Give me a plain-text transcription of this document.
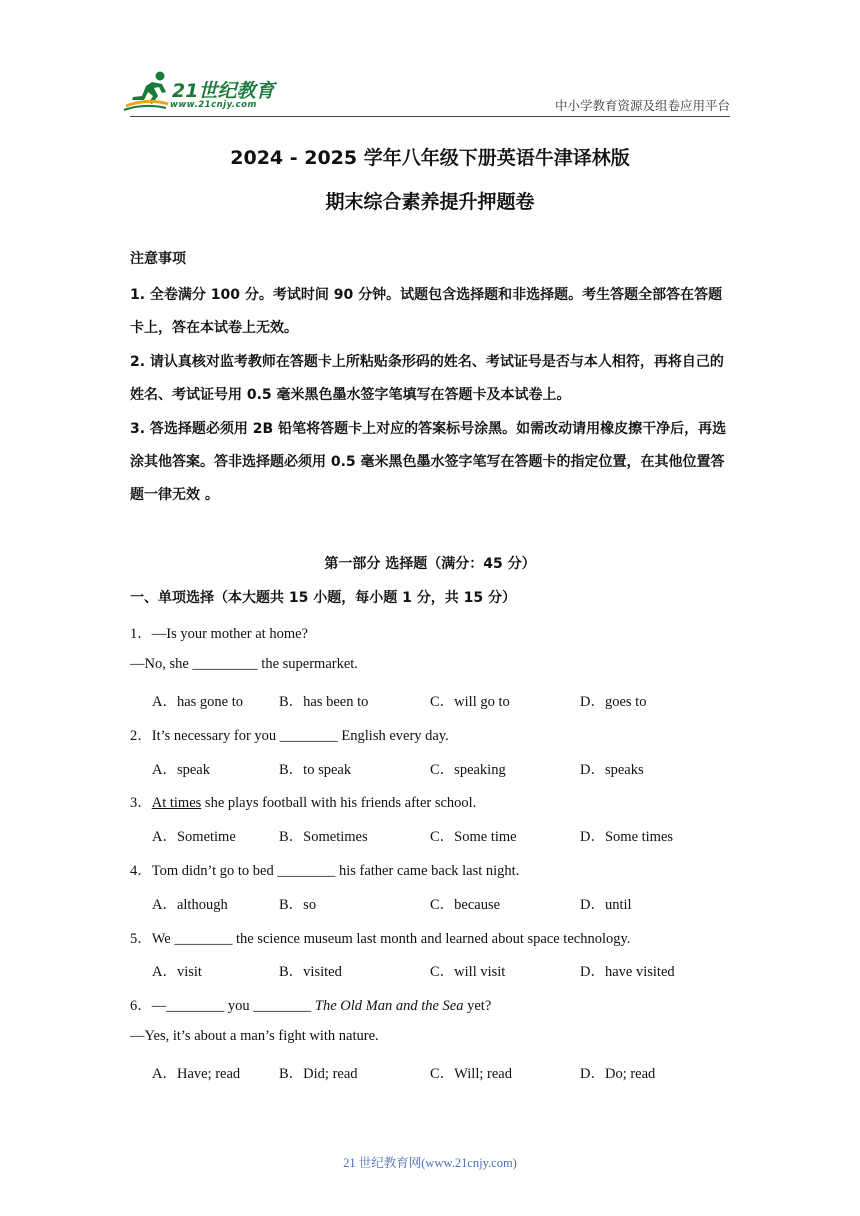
21世纪教育
www.21cnjy.com	中小学教育资源及组卷应用平台
2024 - 2025 学年八年级下册英语牛津译林版
期末综合素养提升押题卷
注意事项

1. 全卷满分 100 分。考试时间 90 分钟。试题包含选择题和非选择题。考生答题全部答在答题卡上，答在本试卷上无效。

2. 请认真核对监考教师在答题卡上所粘贴条形码的姓名、考试证号是否与本人相符，再将自己的姓名、考试证号用 0.5 毫米黑色墨水签字笔填写在答题卡及本试卷上。

3. 答选择题必须用 2B 铅笔将答题卡上对应的答案标号涂黑。如需改动请用橡皮擦干净后，再选涂其他答案。答非选择题必须用 0.5 毫米黑色墨水签字笔写在答题卡的指定位置，在其他位置答题一律无效 。

第一部分 选择题（满分：45 分）
一、单项选择（本大题共 15 小题，每小题 1 分，共 15 分）
1．—Is your mother at home?
—No, she _________ the supermarket.
A．has gone to B．has been to	C．will go to	D．goes to
2．It’s necessary for you ________ English every day.
A．speak	B．to speak	C．speaking	D．speaks
3．At times she plays football with his friends after school.
A．Sometime	B．Sometimes	C．Some time	D．Some times
4．Tom didn’t go to bed ________ his father came back last night.
A．although	B．so	C．because	D．until
5．We ________ the science museum last month and learned about space technology.
A．visit	B．visited	C．will visit	D．have visited
6．—________ you ________ The Old Man and the Sea yet?
—Yes, it’s about a man’s fight with nature.
A．Have; read	B．Did; read	C．Will; read	D．Do; read
21 世纪教育网(www.21cnjy.com)
